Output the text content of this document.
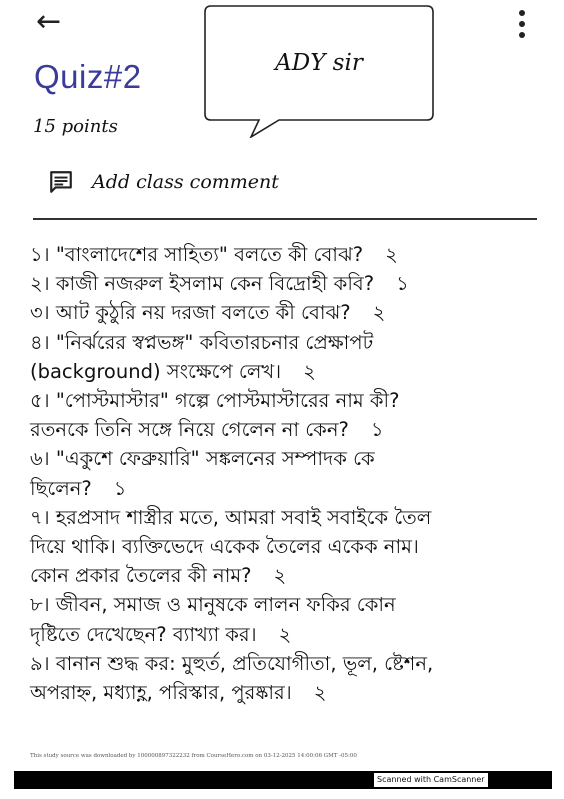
←
ADY sir
Quiz#2
15 points
Add class comment
১। "বাংলাদেশের সাহিত্য" বলতে কী বোঝ? ২
২। কাজী নজরুল ইসলাম কেন বিদ্রোহী কবি? ১
৩। আট কুঠুরি নয় দরজা বলতে কী বোঝ? ২
৪। "নির্ঝরের স্বপ্নভঙ্গ" কবিতারচনার প্রেক্ষাপট
(background) সংক্ষেপে লেখ। ২
৫। "পোস্টমাস্টার" গল্পে পোস্টমাস্টারের নাম কী?
রতনকে তিনি সঙ্গে নিয়ে গেলেন না কেন? ১
৬। "একুশে ফেব্রুয়ারি" সঙ্কলনের সম্পাদক কে
ছিলেন? ১
৭। হরপ্রসাদ শাস্ত্রীর মতে, আমরা সবাই সবাইকে তৈল
দিয়ে থাকি। ব্যক্তিভেদে একেক তৈলের একেক নাম।
কোন প্রকার তৈলের কী নাম? ২
৮। জীবন, সমাজ ও মানুষকে লালন ফকির কোন
দৃষ্টিতে দেখেছেন? ব্যাখ্যা কর। ২
৯। বানান শুদ্ধ কর: মুহুর্ত, প্রতিযোগীতা, ভূল, ষ্টেশন,
অপরাহ্ন, মধ্যাহ্ণ, পরিস্কার, পুরষ্কার। ২
This study source was downloaded by 100000897322232 from CourseHero.com on 03-12-2025 14:00:06 GMT -05:00
Scanned with CamScanner
